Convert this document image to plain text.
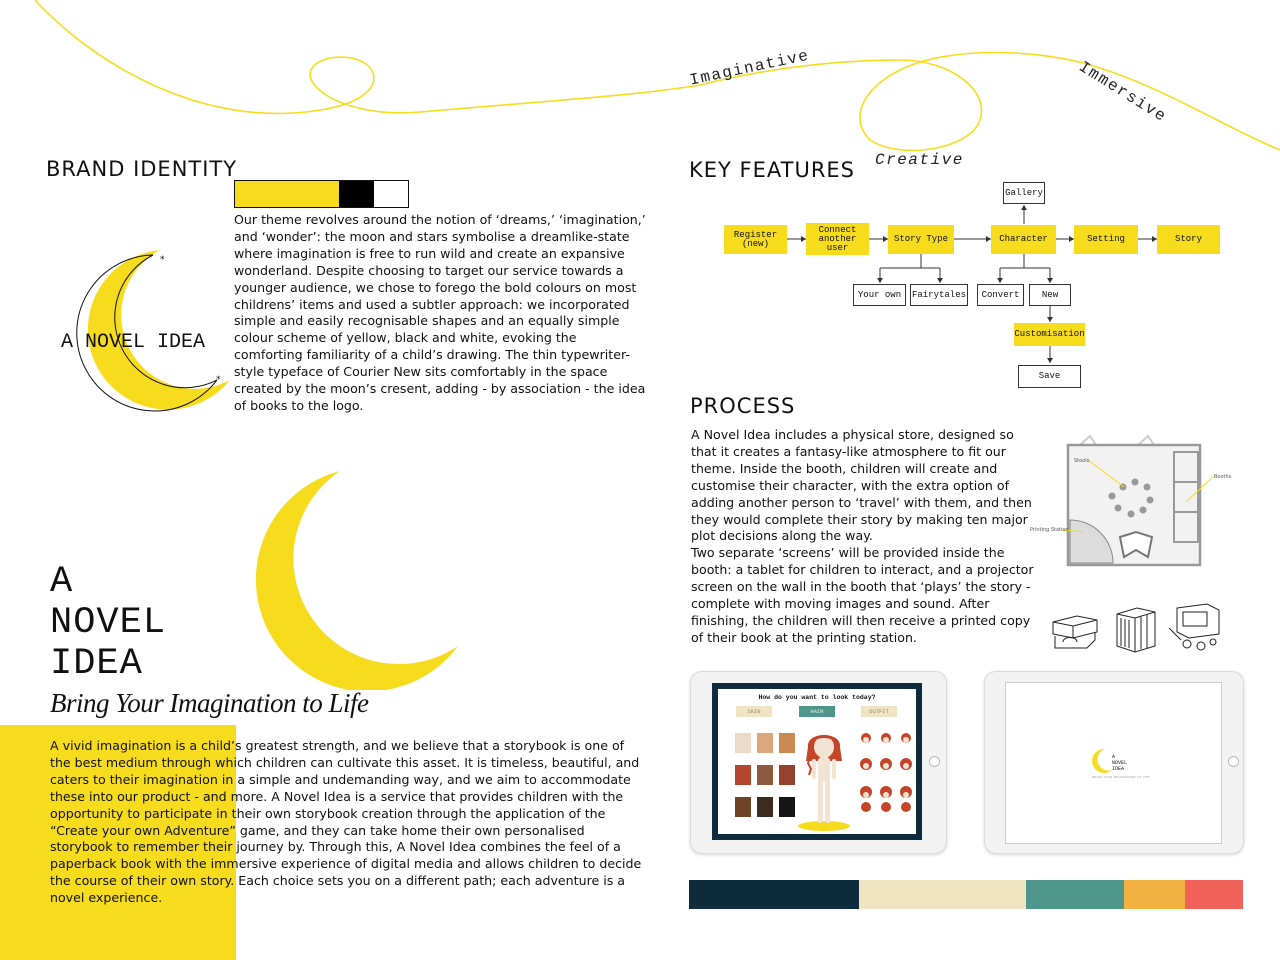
Imaginative	Immersive
Creative
BRAND IDENTITY
*
*
A NOVEL IDEA

Our theme revolves around the notion of ‘dreams,’ ‘imagination,’ and ‘wonder’: the moon and stars symbolise a dreamlike-state where imagination is free to run wild and create an expansive wonderland. Despite choosing to target our service towards a younger audience, we chose to forego the bold colours on most childrens’ items and used a subtler approach: we incorporated simple and easily recognisable shapes and an equally simple colour scheme of yellow, black and white, evoking the comforting familiarity of a child’s drawing. The thin typewriter-style typeface of Courier New sits comfortably in the space created by the moon’s cresent, adding - by association - the idea of books to the logo.

A
NOVEL
IDEA
Bring Your Imagination to Life

A vivid imagination is a child’s greatest strength, and we believe that a storybook is one of the best medium through which children can cultivate this asset. It is timeless, beautiful, and caters to their imagination in a simple and undemanding way, and we aim to accommodate these into our product - and more. A Novel Idea is a service that provides children with the opportunity to participate in their own storybook creation through the application of the “Create your own Adventure” game, and they can take home their own personalised storybook to remember their journey by. Through this, A Novel Idea combines the feel of a paperback book with the immersive experience of digital media and allows children to decide the course of their own story. Each choice sets you on a different path; each adventure is a novel experience.

KEY FEATURES
Register
(new)
Connect
another
user
Story Type	Character	Setting	Story
Gallery
Your own	Fairytales	Convert	New
Customisation
Save
PROCESS

A Novel Idea includes a physical store, designed so that it creates a fantasy-like atmosphere to fit our theme. Inside the booth, children will create and customise their character, with the extra option of adding another person to ‘travel’ with them, and then they would complete their story by making ten major plot decisions along the way.
Two separate ‘screens’ will be provided inside the booth: a tablet for children to interact, and a projector screen on the wall in the booth that ‘plays’ the story - complete with moving images and sound. After finishing, the children will then receive a printed copy of their book at the printing station.

Stools
Booths
Printing Station
How do you want to look today?
SKIN	HAIR	OUTFIT
A
NOVEL
IDEA
BRING YOUR IMAGINATION TO LIFE
